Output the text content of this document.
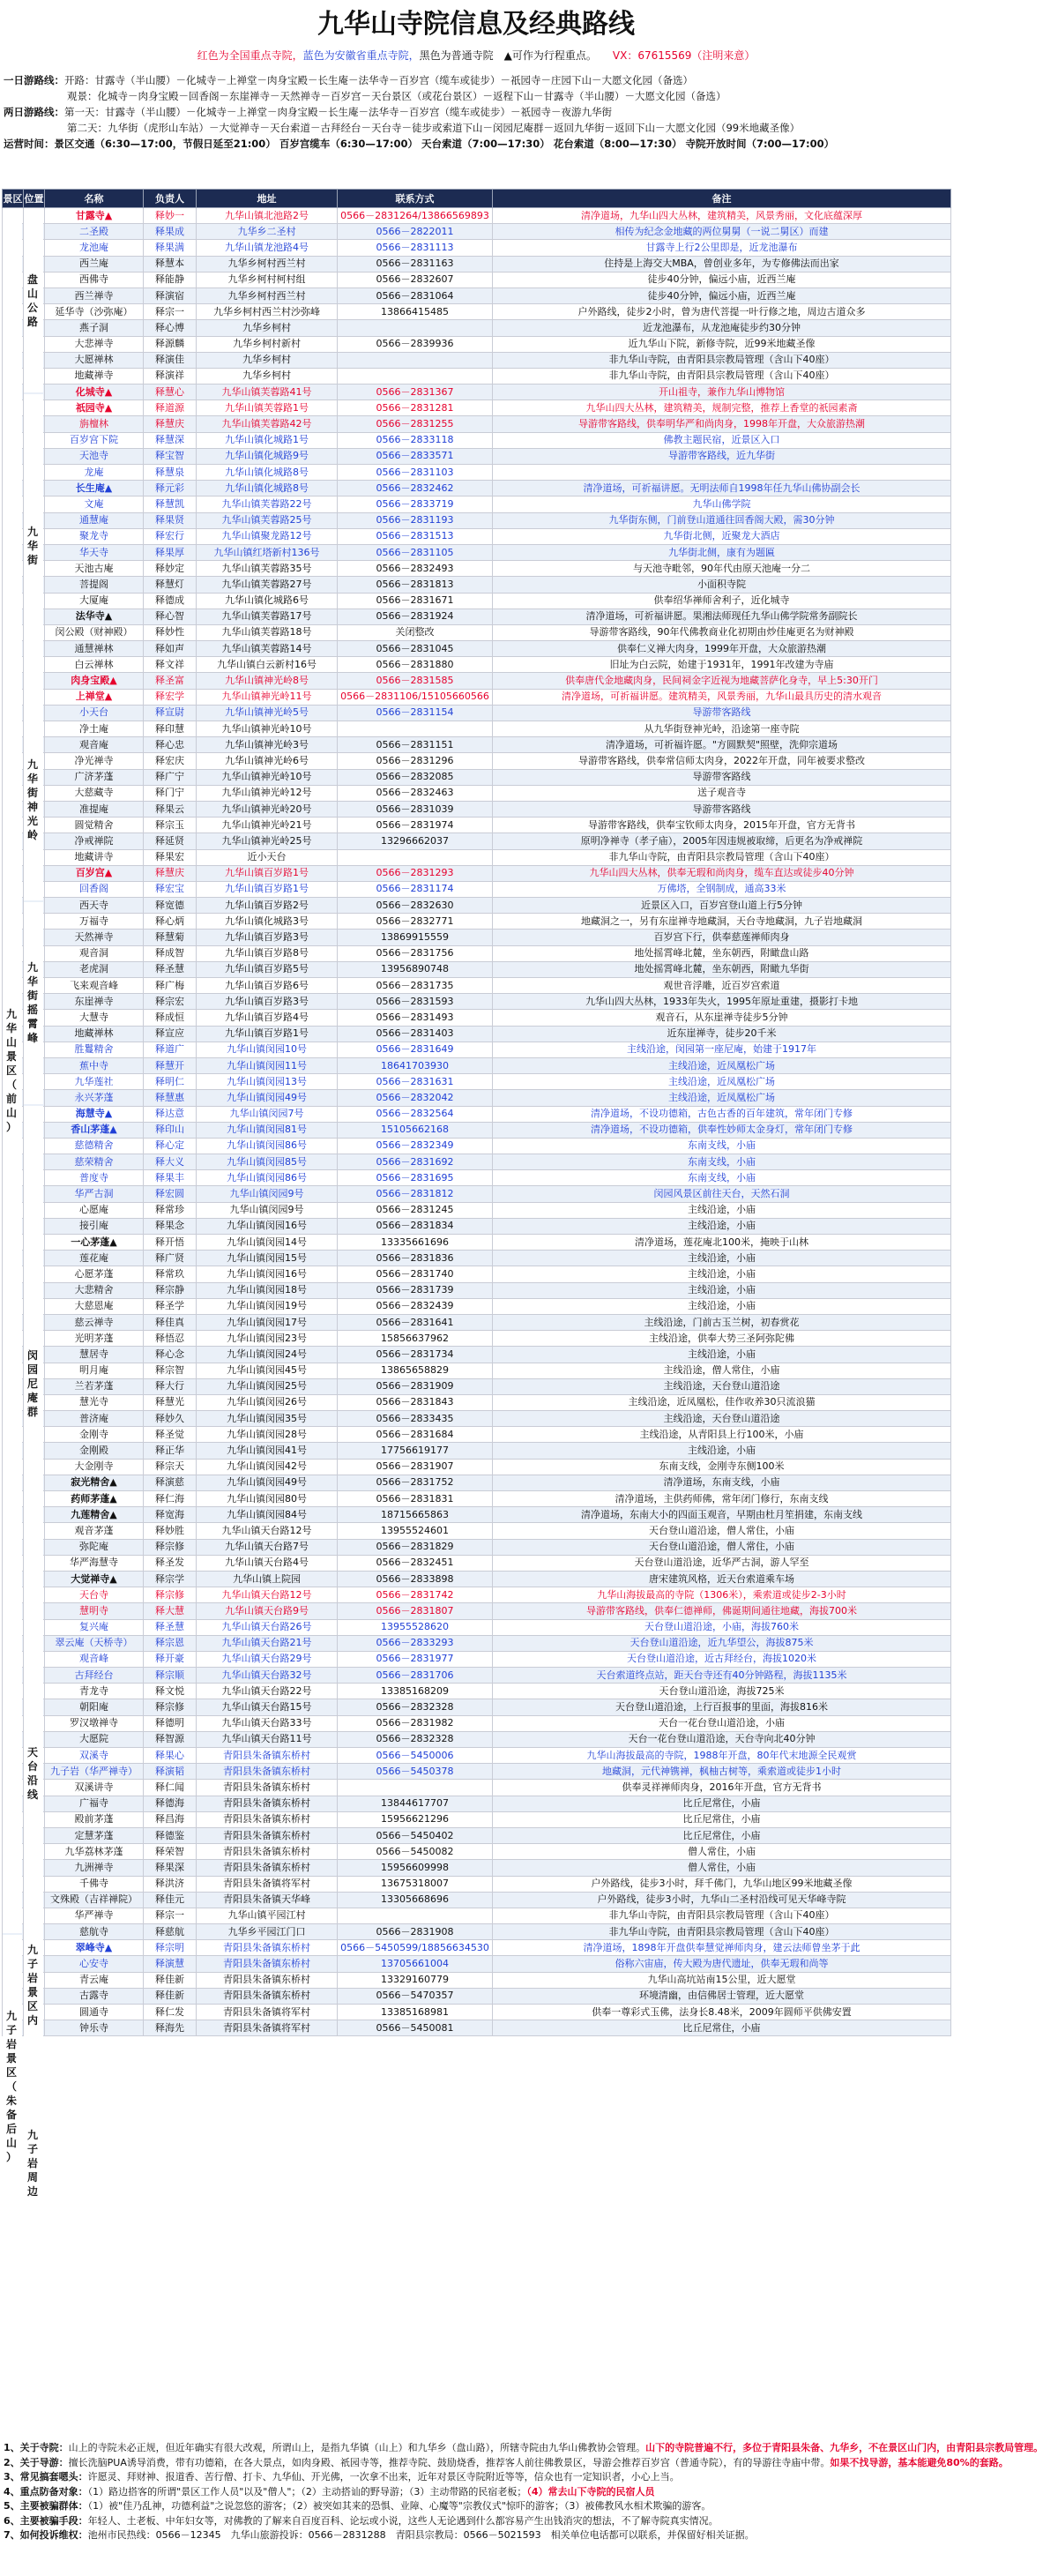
九华山寺院信息及经典路线
红色为全国重点寺院，蓝色为安徽省重点寺院，黑色为普通寺院　 ▲可作为行程重点。　　 VX：67615569（注明来意）
一日游路线：开路：甘露寺（半山腰）－化城寺－上禅堂－肉身宝殿－长生庵－法华寺－百岁宫（缆车或徒步）－祇园寺－庄园下山－大愿文化园（备选）
观景：化城寺－肉身宝殿－回香阁－东崖禅寺－天然禅寺－百岁宫－天台景区（或花台景区）－返程下山－甘露寺（半山腰）－大愿文化园（备选）
两日游路线：第一天：甘露寺（半山腰）－化城寺－上禅堂－肉身宝殿－长生庵－法华寺－百岁宫（缆车或徒步）－祇园寺－夜游九华街
第二天：九华街（虎形山车站）－大觉禅寺－天台索道－古拜经台－天台寺－徒步或索道下山－闵园尼庵群－返回九华街－返回下山－大愿文化园（99米地藏圣像）
运营时间：景区交通（6:30—17:00，节假日延至21:00） 百岁宫缆车（6:30—17:00） 天台索道（7:00—17:30） 花台索道（8:00—17:30） 寺院开放时间（7:00—17:00）
景区	位置	名称	负责人	地址	联系方式	备注
		甘露寺▲	释妙一	九华山镇北池路2号	0566－2831264/13866569893	清净道场，九华山四大丛林，建筑精美，风景秀丽，文化底蕴深厚
		二圣殿	释果成	九华乡二圣村	0566－2822011	相传为纪念金地藏的两位舅舅（一说二舅区）而建
		龙池庵	释果满	九华山镇龙池路4号	0566－2831113	甘露寺上行2公里即是，近龙池瀑布
		西兰庵	释慧本	九华乡柯村西兰村	0566－2831163	住持是上海交大MBA，曾创业多年，为专修佛法而出家
		西佛寺	释能静	九华乡柯村柯村组	0566－2832607	徒步40分钟，偏远小庙，近西兰庵
		西兰禅寺	释演宿	九华乡柯村西兰村	0566－2831064	徒步40分钟，偏远小庙，近西兰庵
		延华寺（沙弥庵）	释宗一	九华乡柯村西兰村沙弥峰	13866415485	户外路线，徒步2小时，曾为唐代菩提一叶行修之地，周边古道众多
		燕子洞	释心博	九华乡柯村		近龙池瀑布，从龙池庵徒步约30分钟
		大悲禅寺	释源麟	九华乡柯村新村	0566－2839936	近九华山下院，新修寺院，近99米地藏圣像
		大愿禅林	释演佳	九华乡柯村		非九华山寺院，由青阳县宗教局管理（含山下40座）
		地藏禅寺	释演祥	九华乡柯村		非九华山寺院，由青阳县宗教局管理（含山下40座）
		化城寺▲	释慧心	九华山镇芙蓉路41号	0566－2831367	开山祖寺，兼作九华山博物馆
		祇园寺▲	释道源	九华山镇芙蓉路1号	0566－2831281	九华山四大丛林，建筑精美，规制完整，推荐上香堂的祇园素斋
		旃檀林	释慧庆	九华山镇芙蓉路42号	0566－2831255	导游带客路线，供奉明华严和尚肉身，1998年开盘，大众旅游热潮
		百岁宫下院	释慧深	九华山镇化城路1号	0566－2833118	佛教主题民宿，近景区入口
		天池寺	释宝智	九华山镇化城路9号	0566－2833571	导游带客路线，近九华街
		龙庵	释慧泉	九华山镇化城路8号	0566－2831103	
		长生庵▲	释元彩	九华山镇化城路8号	0566－2832462	清净道场，可祈福讲愿。无明法师自1998年任九华山佛协副会长
		文庵	释慧凯	九华山镇芙蓉路22号	0566－2833719	九华山佛学院
		通慧庵	释果贤	九华山镇芙蓉路25号	0566－2831193	九华街东侧，门前登山道通往回香阁大殿，需30分钟
		聚龙寺	释宏行	九华山镇聚龙路12号	0566－2831513	九华街北侧，近聚龙大酒店
		华天寺	释果厚	九华山镇红塔新村136号	0566－2831105	九华街北侧，康有为题匾
		天池古庵	释妙定	九华山镇芙蓉路35号	0566－2832493	与天池寺毗邻，90年代由原天池庵一分二
		菩提阁	释慧灯	九华山镇芙蓉路27号	0566－2831813	小面积寺院
		大厦庵	释德成	九华山镇化城路6号	0566－2831671	供奉绍华禅师舍利子，近化城寺
		法华寺▲	释心智	九华山镇芙蓉路17号	0566－2831924	清净道场，可祈福讲愿。果湘法师现任九华山佛学院常务副院长
		闵公殿（财神殿）	释妙性	九华山镇芙蓉路18号	关闭整改	导游带客路线，90年代佛教商业化初期由炒佳庵更名为财神殿
		通慧禅林	释如声	九华山镇芙蓉路14号	0566－2831045	供奉仁义禅大肉身，1999年开盘，大众旅游热潮
		白云禅林	释文祥	九华山镇白云新村16号	0566－2831880	旧址为白云院，始建于1931年，1991年改建为寺庙
		肉身宝殿▲	释圣富	九华山镇神光岭8号	0566－2831585	供奉唐代金地藏肉身，民间祠金字近视为地藏菩萨化身寺，早上5:30开门
		上禅堂▲	释宏学	九华山镇神光岭11号	0566－2831106/15105660566	清净道场，可祈福讲愿。建筑精美，风景秀丽，九华山最具历史的清水观音
		小天台	释宣尉	九华山镇神光岭5号	0566－2831154	导游带客路线
		净土庵	释印慧	九华山镇神光岭10号		从九华街登神光岭，沿途第一座寺院
		观音庵	释心忠	九华山镇神光岭3号	0566－2831151	清净道场，可祈福许愿。"方圆默契"照壁，洗仰宗道场
		净光禅寺	释宏庆	九华山镇神光岭6号	0566－2831296	导游带客路线，供奉常信师太肉身，2022年开盘，同年被要求整改
		广济茅蓬	释广宁	九华山镇神光岭10号	0566－2832085	导游带客路线
		大慈藏寺	释门宁	九华山镇神光岭12号	0566－2832463	送子观音寺
		准提庵	释果云	九华山镇神光岭20号	0566－2831039	导游带客路线
		圆觉精舍	释宗玉	九华山镇神光岭21号	0566－2831974	导游带客路线，供奉宝钦师太肉身，2015年开盘，官方无背书
		净戒禅院	释延贤	九华山镇神光岭25号	13296662037	原明净禅寺（孝子庙），2005年因违规被取缔，后更名为净戒禅院
		地藏讲寺	释果宏	近小天台		非九华山寺院，由青阳县宗教局管理（含山下40座）
		百岁宫▲	释慧庆	九华山镇百岁路1号	0566－2831293	九华山四大丛林，供奉无瑕和尚肉身，缆车直达或徒步40分钟
		回香阁	释宏宝	九华山镇百岁路1号	0566－2831174	万佛塔，全钢制成，通高33米
		西天寺	释宽德	九华山镇百岁路2号	0566－2832630	近景区入口，百岁宫登山道上行5分钟
		万福寺	释心炳	九华山镇化城路3号	0566－2832771	地藏洞之一，另有东崖禅寺地藏洞，天台寺地藏洞，九子岩地藏洞
		天然禅寺	释慧菊	九华山镇百岁路3号	13869915559	百岁宫下行，供奉慈莲禅师肉身
		观音洞	释成智	九华山镇百岁路8号	0566－2831756	地处摇霄峰北麓，坐东朝西，附瞰盘山路
		老虎洞	释圣慧	九华山镇百岁路5号	13956890748	地处摇霄峰北麓，坐东朝西，附瞰九华街
		飞来观音峰	释广梅	九华山镇百岁路6号	0566－2831735	观世音浮雕，近百岁宫索道
		东崖禅寺	释宗宏	九华山镇百岁路3号	0566－2831593	九华山四大丛林，1933年失火，1995年原址重建，摄影打卡地
		大慧寺	释成恒	九华山镇百岁路4号	0566－2831493	观音石，从东崖禅寺徒步5分钟
		地藏禅林	释宣应	九华山镇百岁路1号	0566－2831403	近东崖禅寺，徒步20千米
		胜鬘精舍	释道广	九华山镇闵园10号	0566－2831649	主线沿途，闵园第一座尼庵，始建于1917年
		蕉中寺	释慧开	九华山镇闵园11号	18641703930	主线沿途，近凤凰松广场
		九华莲社	释明仁	九华山镇闵园13号	0566－2831631	主线沿途，近凤凰松广场
		永兴茅蓬	释慧惠	九华山镇闵园49号	0566－2832042	主线沿途，近凤凰松广场
		海慧寺▲	释达意	九华山镇闵园7号	0566－2832564	清净道场，不设功德箱，古色古香的百年建筑，常年闭门专修
		香山茅蓬▲	释印山	九华山镇闵园81号	15105662168	清净道场，不设功德箱，供奉性妙师太金身灯，常年闭门专修
		慈德精舍	释心定	九华山镇闵园86号	0566－2832349	东南支线，小庙
		慈荣精舍	释大义	九华山镇闵园85号	0566－2831692	东南支线，小庙
		普度寺	释果丰	九华山镇闵园86号	0566－2831695	东南支线，小庙
		华严古洞	释宏圆	九华山镇闵园9号	0566－2831812	闵园风景区前往天台，天然石洞
		心愿庵	释常珍	九华山镇闵园9号	0566－2831245	主线沿途，小庙
		接引庵	释果念	九华山镇闵园16号	0566－2831834	主线沿途，小庙
		一心茅蓬▲	释开悟	九华山镇闵园14号	13335661696	清净道场，莲花庵北100米，掩映于山林
		莲花庵	释广贤	九华山镇闵园15号	0566－2831836	主线沿途，小庙
		心愿茅蓬	释常玖	九华山镇闵园16号	0566－2831740	主线沿途，小庙
		大悲精舍	释宗静	九华山镇闵园18号	0566－2831739	主线沿途，小庙
		大慈恩庵	释圣学	九华山镇闵园19号	0566－2832439	主线沿途，小庙
		慈云禅寺	释佳真	九华山镇闵园17号	0566－2831641	主线沿途，门前古玉兰树，初春赏花
		光明茅蓬	释悟忍	九华山镇闵园23号	15856637962	主线沿途，供奉大势三圣阿弥陀佛
		慧居寺	释心念	九华山镇闵园24号	0566－2831734	主线沿途，小庙
		明月庵	释宗智	九华山镇闵园45号	13865658829	主线沿途，僧人常住，小庙
		兰若茅蓬	释大行	九华山镇闵园25号	0566－2831909	主线沿途，天台登山道沿途
		慧光寺	释慧光	九华山镇闵园26号	0566－2831843	主线沿途，近凤凰松，佳作收养30只流浪猫
		普济庵	释妙久	九华山镇闵园35号	0566－2833435	主线沿途，天台登山道沿途
		金刚寺	释圣觉	九华山镇闵园28号	0566－2831684	主线沿途，从青阳县上行100米，小庙
		金刚殿	释正华	九华山镇闵园41号	17756619177	主线沿途，小庙
		大金刚寺	释宗天	九华山镇闵园42号	0566－2831907	东南支线，金刚寺东侧100米
		寂光精舍▲	释演慈	九华山镇闵园49号	0566－2831752	清净道场，东南支线，小庙
		药师茅蓬▲	释仁海	九华山镇闵园80号	0566－2831831	清净道场，主供药师佛，常年闭门修行，东南支线
		九莲精舍▲	释宽海	九华山镇闵园84号	18715665863	清净道场，东南大小的四面玉观音，早期由杜月笙捐建，东南支线
		观音茅蓬	释妙胜	九华山镇天台路12号	13955524601	天台登山道沿途，僧人常住，小庙
		弥陀庵	释宗修	九华山镇天台路7号	0566－2831829	天台登山道沿途，僧人常住，小庙
		华严海慧寺	释圣发	九华山镇天台路4号	0566－2832451	天台登山道沿途，近华严古洞，游人罕至
		大觉禅寺▲	释宗学	九华山镇上院园	0566－2833898	唐宋建筑风格，近天台索道乘车场
		天台寺	释宗修	九华山镇天台路12号	0566－2831742	九华山海拔最高的寺院（1306米），乘索道或徒步2-3小时
		慧明寺	释大慧	九华山镇天台路9号	0566－2831807	导游带客路线，供奉仁德禅师，佛诞期间通往地藏，海拔700米
		复兴庵	释圣慧	九华山镇天台路26号	13955528620	天台登山道沿途，小庙，海拔760米
		翠云庵（天桥寺）	释宗恩	九华山镇天台路21号	0566－2833293	天台登山道沿途，近九华望公，海拔875米
		观音峰	释开豪	九华山镇天台路29号	0566－2831977	天台登山道沿途，近古拜经台，海拔1020米
		古拜经台	释宗顺	九华山镇天台路32号	0566－2831706	天台索道终点站，距天台寺还有40分钟路程，海拔1135米
		青龙寺	释文悦	九华山镇天台路22号	13385168209	天台登山道沿途，海拔725米
		朝阳庵	释宗修	九华山镇天台路15号	0566－2832328	天台登山道沿途，上行百报事的里面，海拔816米
		罗汉墩禅寺	释德明	九华山镇天台路33号	0566－2831982	天台一花台登山道沿途，小庙
		大愿院	释智源	九华山镇天台路11号	0566－2832328	天台一花台登山道沿途，天台寺向北40分钟
		双溪寺	释果心	青阳县朱备镇东桥村	0566－5450006	九华山海拔最高的寺院，1988年开盘，80年代末地源全民观赏
		九子岩（华严禅寺）	释演韬	青阳县朱备镇东桥村	0566－5450378	地藏洞，元代神镌禅，枫柚古树等，乘索道或徒步1小时
		双溪讲寺	释仁闻	青阳县朱备镇东桥村		供奉灵祥禅师肉身，2016年开盘，官方无背书
		广福寺	释德海	青阳县朱备镇东桥村	13844617707	比丘尼常住，小庙
		殿前茅蓬	释昌海	青阳县朱备镇东桥村	15956621296	比丘尼常住，小庙
		定慧茅蓬	释德鉴	青阳县朱备镇东桥村	0566－5450402	比丘尼常住，小庙
		九华荔林茅蓬	释荣智	青阳县朱备镇东桥村	0566－5450082	僧人常住，小庙
		九洲禅寺	释果深	青阳县朱备镇东桥村	15956609998	僧人常住，小庙
		千佛寺	释洪济	青阳县朱备镇将军村	13675318007	户外路线，徒步3小时，拜千佛门，九华山地区99米地藏圣像
		文殊殿（吉祥禅院）	释佳元	青阳县朱备镇天华峰	13305668696	户外路线，徒步3小时，九华山二圣村沿线可见天华峰寺院
		华严禅寺	释宗一	九华山镇平园江村		非九华山寺院，由青阳县宗教局管理（含山下40座）
		慈航寺	释慈航	九华乡平园江门口	0566－2831908	非九华山寺院，由青阳县宗教局管理（含山下40座）
		翠峰寺▲	释宗明	青阳县朱备镇东桥村	0566－5450599/18856634530	清净道场，1898年开盘供奉慧觉禅师肉身，建云法师曾坐茅于此
		心安寺	释演慧	青阳县朱备镇东桥村	13705661004	俗称六宙庙，传大殿为唐代遗址，供奉无瑕和尚等
		青云庵	释佳新	青阳县朱备镇东桥村	13329160779	九华山高坑站南15公里，近大愿堂
		古露寺	释佳新	青阳县朱备镇东桥村	0566－5470357	环境清幽，由信佛居士管理，近大愿堂
		圆通寺	释仁发	青阳县朱备镇将军村	13385168981	供奉一尊彩式玉佛，法身长8.48米，2009年圆师平供佛安置
		钟乐寺	释海先	青阳县朱备镇将军村	0566－5450081	比丘尼常住，小庙
1、关于寺院：山上的寺院未必正规，但近年确实有很大改观，所谓山上，是指九华镇（山上）和九华乡（盘山路），所辖寺院由九华山佛教协会管理。山下的寺院普遍不行，多位于青阳县朱备、九华乡，不在景区山门内，由青阳县宗教局管理。
2、关于导游：擅长洗脑PUA诱导消费，带有功德箱，在各大景点，如肉身殿、祇园寺等，推荐寺院、鼓励烧香，推荐客人前往佛教景区，导游会推荐百岁宫（普通寺院），有的导游往寺庙中带。如果不找导游，基本能避免80%的套路。
3、常见搞套嗯头：许愿灵、拜财神、报道香、苦行僧、打卡、九华仙、开光佛，一次拿不出来，近年对景区寺院附近等等，信众也有一定知识者，小心上当。
4、重点防备对象：（1）路边搭客的所谓"景区工作人员"以及"僧人"；（2）主动搭讪的野导游；（3）主动带路的民宿老板；（4）常去山下寺院的民宿人员
5、主要被骗群体：（1）被"佳乃乱神，功德利益"之说忽悠的游客；（2）被突如其来的恐惧、业障、心魔等"宗教仪式"惊吓的游客；（3）被佛教风水相术欺骗的游客。
6、主要被骗手段：年轻人、土老板、中年妇女等，对佛教的了解来自百度百科、论坛或小说，这些人无论遇到什么都容易产生出钱消灾的想法，不了解寺院真实情况。
7、如何投诉维权：池州市民热线：0566－12345　九华山旅游投诉：0566－2831288　青阳县宗教局：0566－5021593　相关单位电话都可以联系，并保留好相关证据。
九
华
山
景
区
（
前
山
）
九
子
岩
景
区
（
朱
备
后
山
）
盘
山
公
路
九
华
街
九
华
街
神
光
岭
九
华
街
摇
霄
峰
闵
园
尼
庵
群
天
台
沿
线
九
子
岩
景
区
内
九
子
岩
周
边
